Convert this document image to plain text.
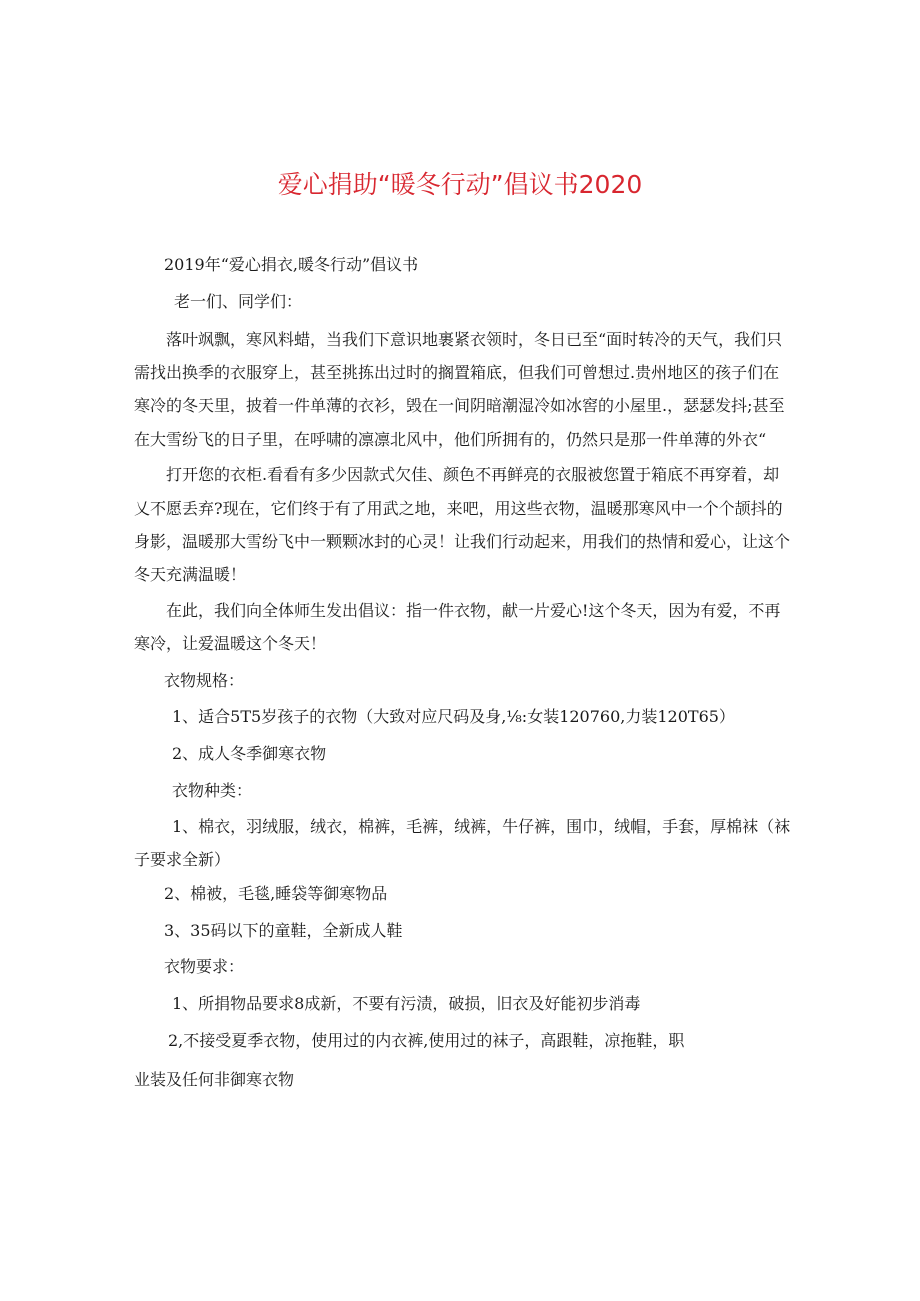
爱心捐助“暖冬行动”倡议书2020
2019年“爱心捐衣,暖冬行动”倡议书
老一们、同学们：

落叶飒飘，寒风料蜡，当我们下意识地裹紧衣领时，冬日已至“面时转冷的天气，我们只需找出换季的衣服穿上，甚至挑拣出过时的搁置箱底，但我们可曾想过.贵州地区的孩子们在寒冷的冬天里，披着一件单薄的衣衫，毁在一间阴暗潮湿冷如冰窖的小屋里.，瑟瑟发抖;甚至在大雪纷飞的日子里，在呼啸的凛凛北风中，他们所拥有的，仍然只是那一件单薄的外衣“

打开您的衣柜.看看有多少因款式欠佳、颜色不再鲜亮的衣服被您置于箱底不再穿着，却乂不愿丢弃?现在，它们终于有了用武之地，来吧，用这些衣物，温暖那寒风中一个个颉抖的身影，温暖那大雪纷飞中一颗颗冰封的心灵！让我们行动起来，用我们的热情和爱心，让这个冬天充满温暖！

在此，我们向全体师生发出倡议：指一件衣物，献一片爱心!这个冬天，因为有爱，不再寒冷，让爱温暖这个冬天！

衣物规格：
1、适合5T5岁孩子的衣物（大致对应尺码及身,⅛:女装120760,力装120T65）
2、成人冬季御寒衣物
衣物种类：

1、棉衣，羽绒服，绒衣，棉裤，毛裤，绒裤，牛仔裤，围巾，绒帽，手套，厚棉袜（袜子要求全新）

2、棉被，毛毯,睡袋等御寒物品
3、35码以下的童鞋，全新成人鞋
衣物要求：
1、所捐物品要求8成新，不要有污渍，破损，旧衣及好能初步消毒
2,不接受夏季衣物，使用过的内衣裤,使用过的袜子，高跟鞋，凉拖鞋，职
业装及任何非御寒衣物
